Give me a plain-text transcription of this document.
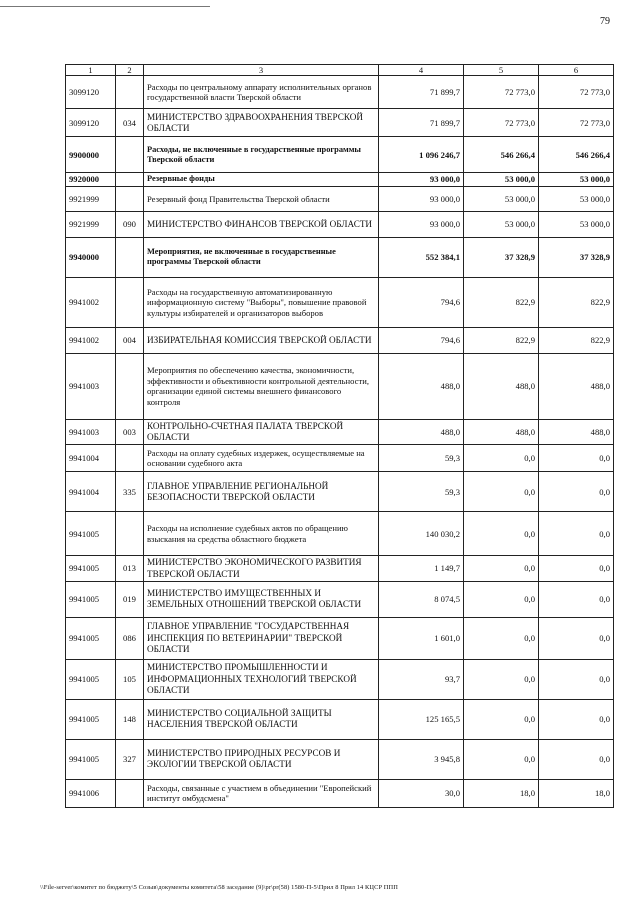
79
1	2	3	4	5	6
3099120		Расходы по центральному аппарату исполнительных органов государственной власти Тверской области	71 899,7	72 773,0	72 773,0
3099120	034	МИНИСТЕРСТВО ЗДРАВООХРАНЕНИЯ ТВЕРСКОЙ ОБЛАСТИ	71 899,7	72 773,0	72 773,0
9900000		Расходы, не включенные в государственные программы Тверской области	1 096 246,7	546 266,4	546 266,4
9920000		Резервные фонды	93 000,0	53 000,0	53 000,0
9921999		Резервный фонд Правительства Тверской области	93 000,0	53 000,0	53 000,0
9921999	090	МИНИСТЕРСТВО ФИНАНСОВ ТВЕРСКОЙ ОБЛАСТИ	93 000,0	53 000,0	53 000,0
9940000		Мероприятия, не включенные в государственные программы Тверской области	552 384,1	37 328,9	37 328,9
9941002		Расходы на государственную автоматизированную информационную систему "Выборы", повышение правовой культуры избирателей и организаторов выборов	794,6	822,9	822,9
9941002	004	ИЗБИРАТЕЛЬНАЯ КОМИССИЯ ТВЕРСКОЙ ОБЛАСТИ	794,6	822,9	822,9
9941003		Мероприятия по обеспечению качества, экономичности, эффективности и объективности контрольной деятельности, организации единой системы внешнего финансового контроля	488,0	488,0	488,0
9941003	003	КОНТРОЛЬНО-СЧЕТНАЯ ПАЛАТА ТВЕРСКОЙ ОБЛАСТИ	488,0	488,0	488,0
9941004		Расходы на оплату судебных издержек, осуществляемые на основании судебного акта	59,3	0,0	0,0
9941004	335	ГЛАВНОЕ УПРАВЛЕНИЕ РЕГИОНАЛЬНОЙ БЕЗОПАСНОСТИ ТВЕРСКОЙ ОБЛАСТИ	59,3	0,0	0,0
9941005		Расходы на исполнение судебных актов по обращению взыскания на средства областного бюджета	140 030,2	0,0	0,0
9941005	013	МИНИСТЕРСТВО ЭКОНОМИЧЕСКОГО РАЗВИТИЯ ТВЕРСКОЙ ОБЛАСТИ	1 149,7	0,0	0,0
9941005	019	МИНИСТЕРСТВО ИМУЩЕСТВЕННЫХ И ЗЕМЕЛЬНЫХ ОТНОШЕНИЙ ТВЕРСКОЙ ОБЛАСТИ	8 074,5	0,0	0,0
9941005	086	ГЛАВНОЕ УПРАВЛЕНИЕ "ГОСУДАРСТВЕННАЯ ИНСПЕКЦИЯ ПО ВЕТЕРИНАРИИ" ТВЕРСКОЙ ОБЛАСТИ	1 601,0	0,0	0,0
9941005	105	МИНИСТЕРСТВО ПРОМЫШЛЕННОСТИ И ИНФОРМАЦИОННЫХ ТЕХНОЛОГИЙ ТВЕРСКОЙ ОБЛАСТИ	93,7	0,0	0,0
9941005	148	МИНИСТЕРСТВО СОЦИАЛЬНОЙ ЗАЩИТЫ НАСЕЛЕНИЯ ТВЕРСКОЙ ОБЛАСТИ	125 165,5	0,0	0,0
9941005	327	МИНИСТЕРСТВО ПРИРОДНЫХ РЕСУРСОВ И ЭКОЛОГИИ ТВЕРСКОЙ ОБЛАСТИ	3 945,8	0,0	0,0
9941006		Расходы, связанные с участием в объединении "Европейский институт омбудсмена"	30,0	18,0	18,0
\\File-server\комитет по бюджету\5 Созыв\документы комитета\58 заседание (9)\pr\pr(58) 1580-П-5\Прил 8 Прил 14 КЦСР ППП
